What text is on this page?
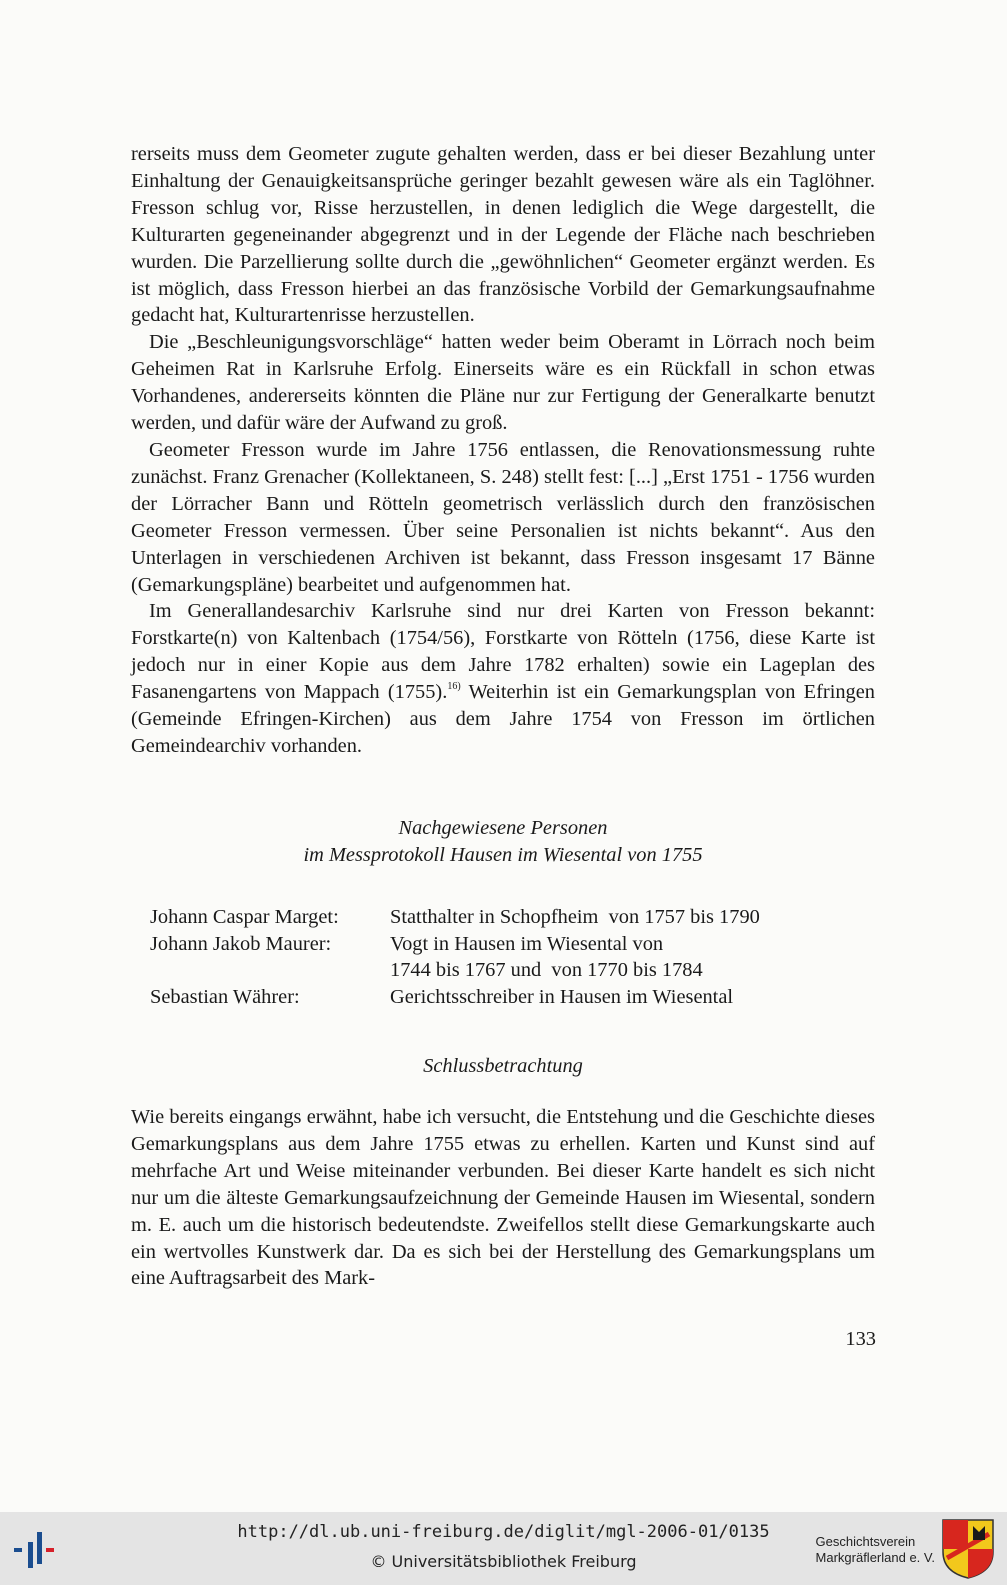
rerseits muss dem Geometer zugute gehalten werden, dass er bei dieser Bezahlung unter Einhaltung der Genauigkeitsansprüche geringer bezahlt gewesen wäre als ein Taglöhner. Fresson schlug vor, Risse herzustellen, in denen lediglich die Wege dargestellt, die Kulturarten gegeneinander abgegrenzt und in der Legende der Fläche nach beschrieben wurden. Die Parzellierung sollte durch die „gewöhnlichen“ Geometer ergänzt werden. Es ist möglich, dass Fresson hierbei an das französische Vorbild der Gemarkungsaufnahme gedacht hat, Kulturartenrisse herzustellen.

Die „Beschleunigungsvorschläge“ hatten weder beim Oberamt in Lörrach noch beim Geheimen Rat in Karlsruhe Erfolg. Einerseits wäre es ein Rückfall in schon etwas Vorhandenes, andererseits könnten die Pläne nur zur Fertigung der Generalkarte benutzt werden, und dafür wäre der Aufwand zu groß.

Geometer Fresson wurde im Jahre 1756 entlassen, die Renovationsmessung ruhte zunächst. Franz Grenacher (Kollektaneen, S. 248) stellt fest: [...] „Erst 1751 - 1756 wurden der Lörracher Bann und Rötteln geometrisch verlässlich durch den französischen Geometer Fresson vermessen. Über seine Personalien ist nichts bekannt“. Aus den Unterlagen in verschiedenen Archiven ist bekannt, dass Fresson insgesamt 17 Bänne (Gemarkungspläne) bearbeitet und aufgenommen hat.

Im Generallandesarchiv Karlsruhe sind nur drei Karten von Fresson bekannt: Forstkarte(n) von Kaltenbach (1754/56), Forstkarte von Rötteln (1756, diese Karte ist jedoch nur in einer Kopie aus dem Jahre 1782 erhalten) sowie ein Lageplan des Fasanengartens von Mappach (1755).$^{16)}$ Weiterhin ist ein Gemarkungsplan von Efringen (Gemeinde Efringen-Kirchen) aus dem Jahre 1754 von Fresson im örtlichen Gemeindearchiv vorhanden.

Nachgewiesene Personen
im Messprotokoll Hausen im Wiesental von 1755
Johann Caspar Marget:	Statthalter in Schopfheim  von 1757 bis 1790
Johann Jakob Maurer:	Vogt in Hausen im Wiesental von
1744 bis 1767 und  von 1770 bis 1784
Sebastian Währer:	Gerichtsschreiber in Hausen im Wiesental
Schlussbetrachtung

Wie bereits eingangs erwähnt, habe ich versucht, die Entstehung und die Geschichte dieses Gemarkungsplans aus dem Jahre 1755 etwas zu erhellen. Karten und Kunst sind auf mehrfache Art und Weise miteinander verbunden. Bei dieser Karte handelt es sich nicht nur um die älteste Gemarkungsaufzeichnung der Gemeinde Hausen im Wiesental, sondern m. E. auch um die historisch bedeutendste. Zweifellos stellt diese Gemarkungskarte auch ein wertvolles Kunstwerk dar. Da es sich bei der Herstellung des Gemarkungsplans um eine Auftragsarbeit des Mark-

133
http://dl.ub.uni-freiburg.de/diglit/mgl-2006-01/0135
© Universitätsbibliothek Freiburg
Geschichtsverein
Markgräflerland e. V.
